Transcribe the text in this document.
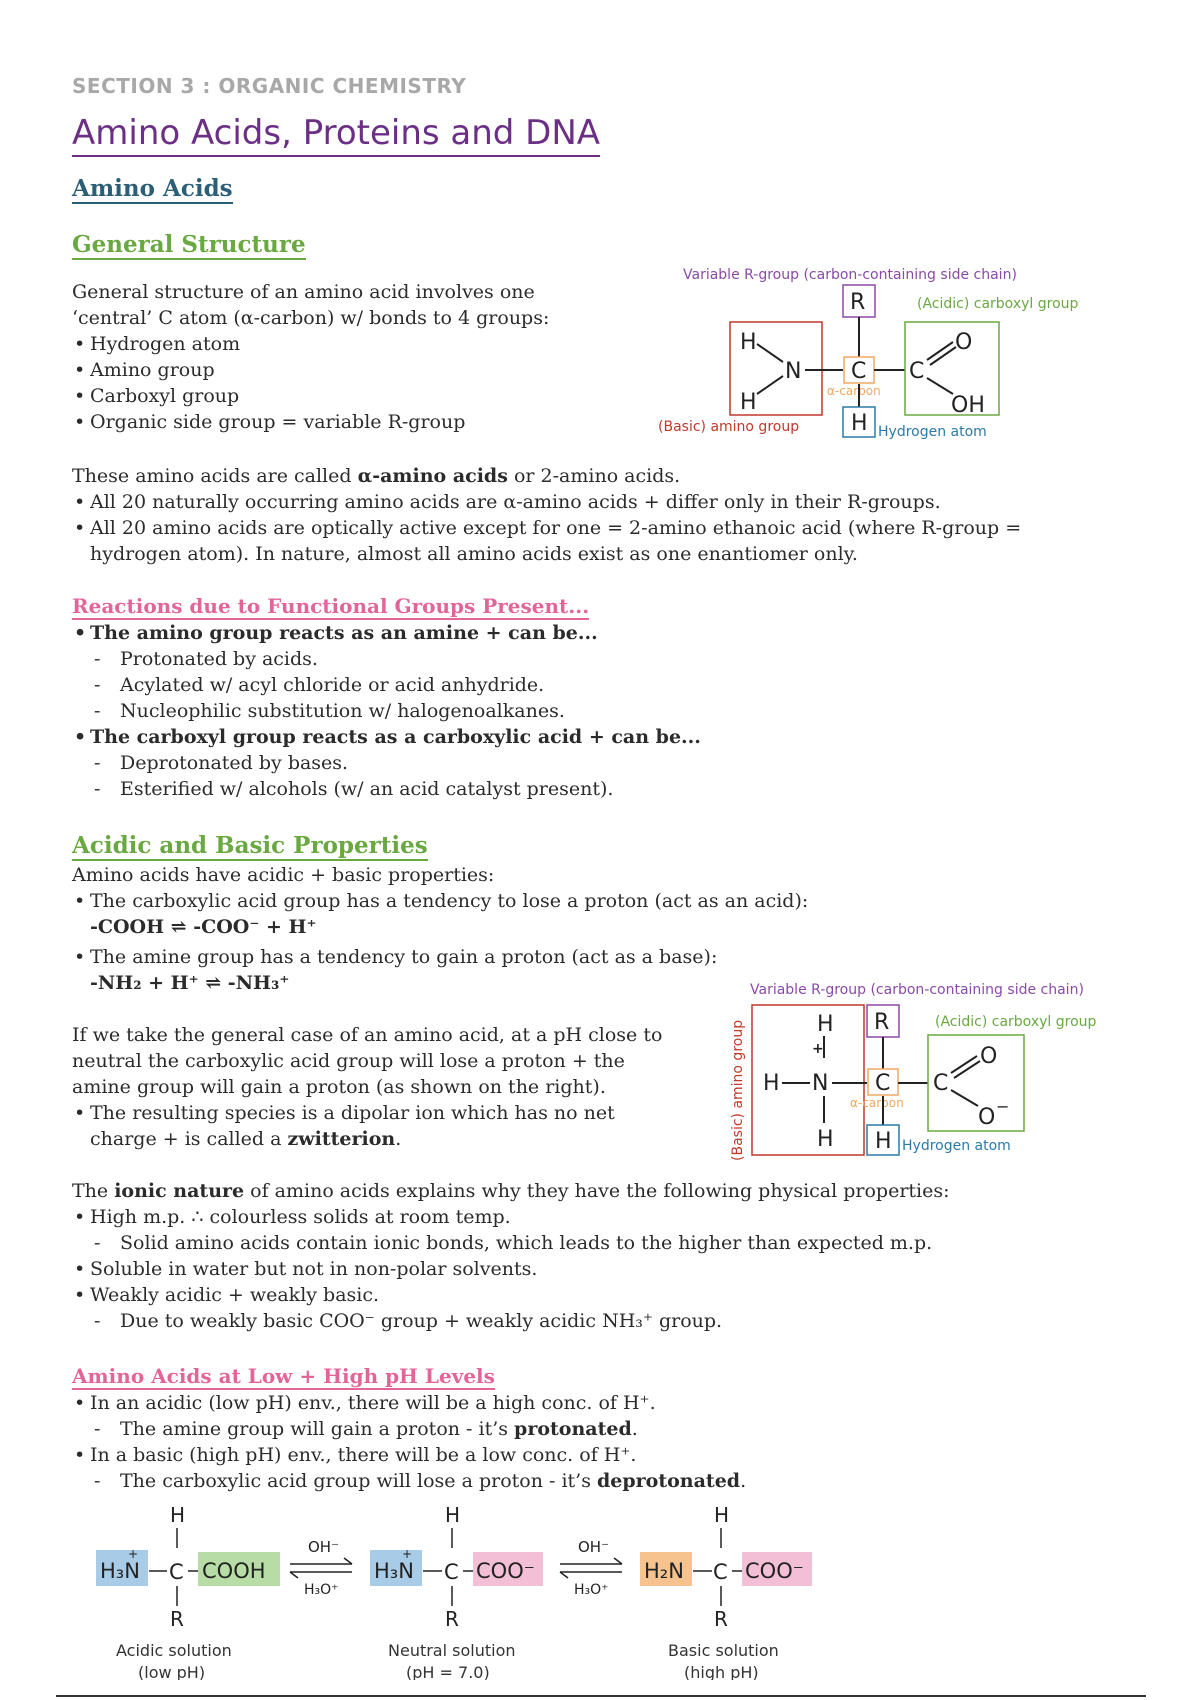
SECTION 3 : ORGANIC CHEMISTRY
Amino Acids, Proteins and DNA
Amino Acids
General Structure

General structure of an amino acid involves one

‘central’ C atom (α-carbon) w/ bonds to 4 groups:

• Hydrogen atom

• Amino group

• Carboxyl group

• Organic side group = variable R-group

Variable R-group (carbon-containing side chain)
(Acidic) carboxyl group
H
H
N
R
C
α-carbon
H
C
O
OH
(Basic) amino group	Hydrogen atom

These amino acids are called α-amino acids or 2-amino acids.

• All 20 naturally occurring amino acids are α-amino acids + differ only in their R-groups.

• All 20 amino acids are optically active except for one = 2-amino ethanoic acid (where R-group =

hydrogen atom). In nature, almost all amino acids exist as one enantiomer only.

Reactions due to Functional Groups Present...

• The amino group reacts as an amine + can be...

- Protonated by acids.

- Acylated w/ acyl chloride or acid anhydride.

- Nucleophilic substitution w/ halogenoalkanes.

• The carboxyl group reacts as a carboxylic acid + can be...

- Deprotonated by bases.

- Esterified w/ alcohols (w/ an acid catalyst present).

Acidic and Basic Properties

Amino acids have acidic + basic properties:

• The carboxylic acid group has a tendency to lose a proton (act as an acid):

-COOH ⇌ -COO⁻ + H⁺

• The amine group has a tendency to gain a proton (act as a base):

-NH₂ + H⁺ ⇌ -NH₃⁺

If we take the general case of an amino acid, at a pH close to

neutral the carboxylic acid group will lose a proton + the

amine group will gain a proton (as shown on the right).

• The resulting species is a dipolar ion which has no net

charge + is called a zwitterion.

Variable R-group (carbon-containing side chain)
(Acidic) carboxyl group
(Basic) amino group	H
+
H N
H
R
C
α-carbon
H
C
O
O −
Hydrogen atom

The ionic nature of amino acids explains why they have the following physical properties:

• High m.p. ∴ colourless solids at room temp.

- Solid amino acids contain ionic bonds, which leads to the higher than expected m.p.

• Soluble in water but not in non-polar solvents.

• Weakly acidic + weakly basic.

- Due to weakly basic COO⁻ group + weakly acidic NH₃⁺ group.

Amino Acids at Low + High pH Levels

• In an acidic (low pH) env., there will be a high conc. of H⁺.

- The amine group will gain a proton - it’s protonated.

• In a basic (high pH) env., there will be a low conc. of H⁺.

- The carboxylic acid group will lose a proton - it’s deprotonated.

H
H₃N
+
C COOH
R
Acidic solution
(low pH)
OH⁻
H₃O⁺
H
H₃N
+
C COO⁻
R
Neutral solution
(pH = 7.0)
OH⁻
H₃O⁺
H
H₂N C COO⁻
R
Basic solution
(high pH)
